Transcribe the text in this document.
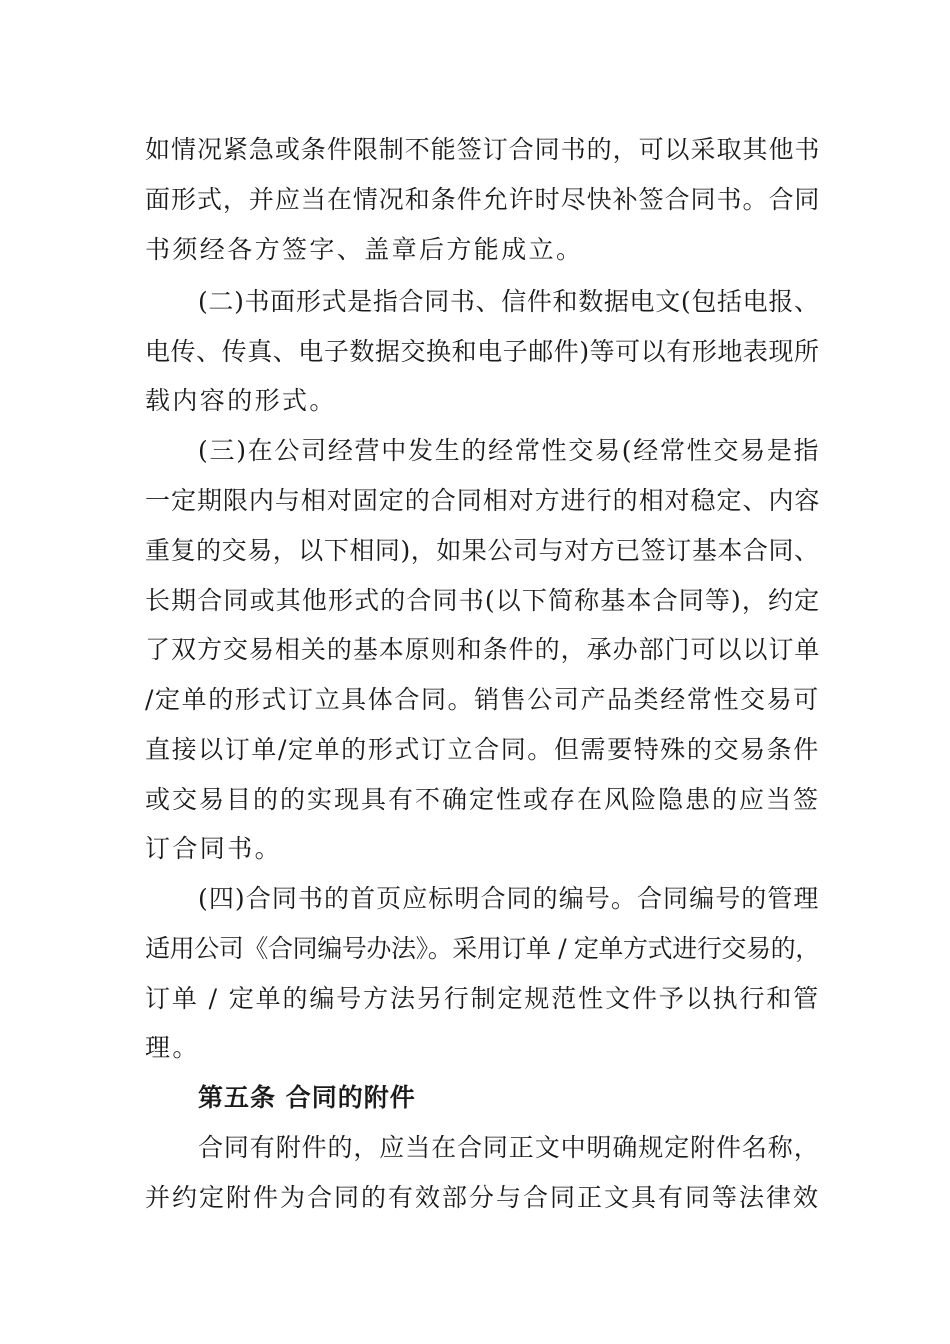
如情况紧急或条件限制不能签订合同书的，可以采取其他书
面形式，并应当在情况和条件允许时尽快补签合同书。合同
书须经各方签字、盖章后方能成立。
(二)书面形式是指合同书、信件和数据电文(包括电报、
电传、传真、电子数据交换和电子邮件)等可以有形地表现所
载内容的形式。
(三)在公司经营中发生的经常性交易(经常性交易是指
一定期限内与相对固定的合同相对方进行的相对稳定、内容
重复的交易，以下相同)，如果公司与对方已签订基本合同、
长期合同或其他形式的合同书(以下简称基本合同等)，约定
了双方交易相关的基本原则和条件的，承办部门可以以订单
/定单的形式订立具体合同。销售公司产品类经常性交易可
直接以订单/定单的形式订立合同。但需要特殊的交易条件
或交易目的的实现具有不确定性或存在风险隐患的应当签
订合同书。
(四)合同书的首页应标明合同的编号。合同编号的管理
适用公司《合同编号办法》。采用订单 / 定单方式进行交易的，
订单 / 定单的编号方法另行制定规范性文件予以执行和管
理。
第五条 合同的附件
合同有附件的，应当在合同正文中明确规定附件名称，
并约定附件为合同的有效部分与合同正文具有同等法律效
